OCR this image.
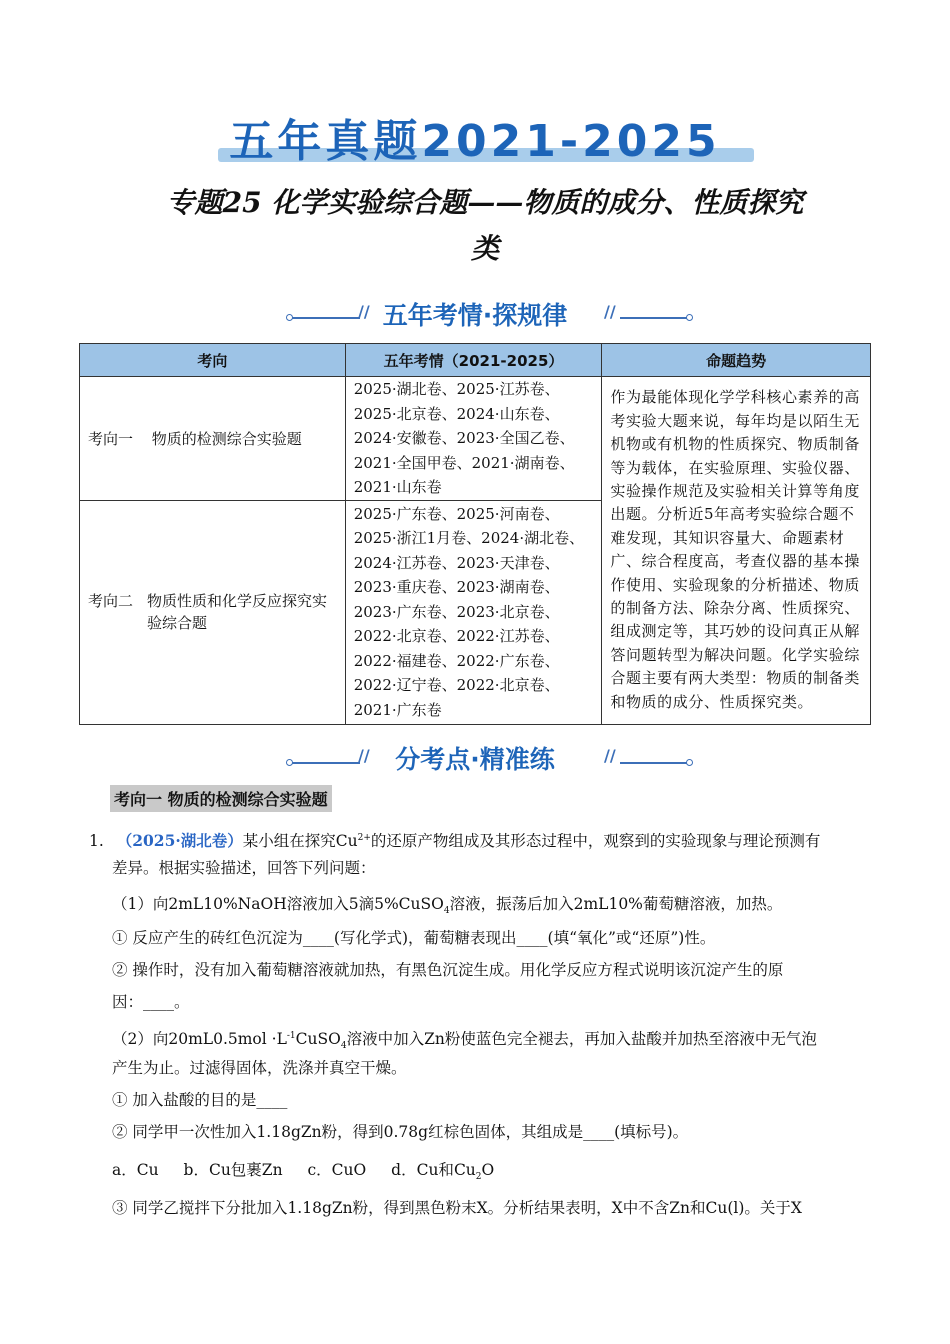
五年真题2021-2025
专题25 化学实验综合题——物质的成分、性质探究
类
// 五年考情·探规律	//
考向	五年考情（2021-2025）	命题趋势
考向一 物质的检测综合实验题	2025·湖北卷、2025·江苏卷、2025·北京卷、2024·山东卷、2024·安徽卷、2023·全国乙卷、2021·全国甲卷、2021·湖南卷、2021·山东卷	作为最能体现化学学科核心素养的高考实验大题来说，每年均是以陌生无机物或有机物的性质探究、物质制备等为载体，在实验原理、实验仪器、实验操作规范及实验相关计算等角度出题。分析近5年高考实验综合题不难发现，其知识容量大、命题素材广、综合程度高，考查仪器的基本操作使用、实验现象的分析描述、物质的制备方法、除杂分离、性质探究、组成测定等，其巧妙的设问真正从解答问题转型为解决问题。化学实验综合题主要有两大类型：物质的制备类和物质的成分、性质探究类。

考向二 物质性质和化学反应探究实验综合题	2025·广东卷、2025·河南卷、2025·浙江1月卷、2024·湖北卷、2024·江苏卷、2023·天津卷、2023·重庆卷、2023·湖南卷、2023·广东卷、2023·北京卷、2022·北京卷、2022·江苏卷、2022·福建卷、2022·广东卷、2022·辽宁卷、2022·北京卷、2021·广东卷	
//	分考点·精准练	//
考向一 物质的检测综合实验题
1. （2025·湖北卷）某小组在探究$Cu^{2+}$的还原产物组成及其形态过程中，观察到的实验现象与理论预测有
差异。根据实验描述，回答下列问题：
（1）向2mL10%NaOH溶液加入5滴5%CuSO$_4$溶液，振荡后加入2mL10%葡萄糖溶液，加热。
① 反应产生的砖红色沉淀为____(写化学式)，葡萄糖表现出____(填“氧化”或“还原”)性。
② 操作时，没有加入葡萄糖溶液就加热，有黑色沉淀生成。用化学反应方程式说明该沉淀产生的原
因：____。
（2）向$20mL0.5mol \cdot L^{-1}CuSO_4$溶液中加入Zn粉使蓝色完全褪去，再加入盐酸并加热至溶液中无气泡
产生为止。过滤得固体，洗涤并真空干燥。
① 加入盐酸的目的是____
② 同学甲一次性加入1.18gZn粉，得到0.78g红棕色固体，其组成是____(填标号)。
a．Cu b．Cu包裹Zn c．CuO d．Cu和$Cu_2O$
③ 同学乙搅拌下分批加入1.18gZn粉，得到黑色粉末X。分析结果表明，X中不含Zn和Cu(l)。关于X
